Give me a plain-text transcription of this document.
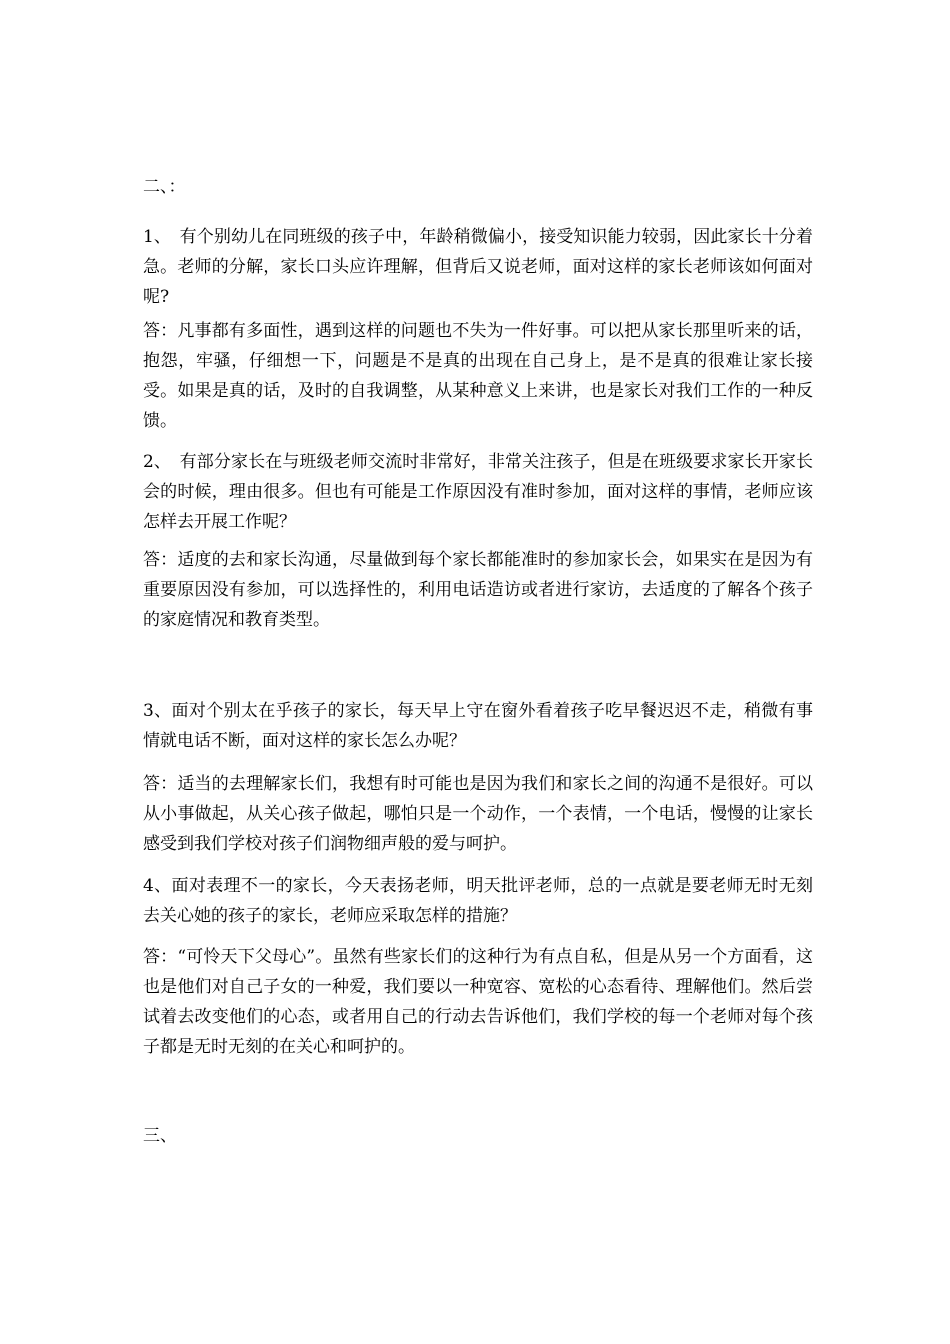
二、：

1、　有个别幼儿在同班级的孩子中，年龄稍微偏小，接受知识能力较弱，因此家长十分着急。老师的分解，家长口头应许理解，但背后又说老师，面对这样的家长老师该如何面对呢?

答：凡事都有多面性，遇到这样的问题也不失为一件好事。可以把从家长那里听来的话，抱怨，牢骚，仔细想一下，问题是不是真的出现在自己身上，是不是真的很难让家长接受。如果是真的话，及时的自我调整，从某种意义上来讲，也是家长对我们工作的一种反馈。

2、　有部分家长在与班级老师交流时非常好，非常关注孩子，但是在班级要求家长开家长会的时候，理由很多。但也有可能是工作原因没有准时参加，面对这样的事情，老师应该怎样去开展工作呢？

答：适度的去和家长沟通，尽量做到每个家长都能准时的参加家长会，如果实在是因为有重要原因没有参加，可以选择性的，利用电话造访或者进行家访，去适度的了解各个孩子的家庭情况和教育类型。

3、面对个别太在乎孩子的家长，每天早上守在窗外看着孩子吃早餐迟迟不走，稍微有事情就电话不断，面对这样的家长怎么办呢？

答：适当的去理解家长们，我想有时可能也是因为我们和家长之间的沟通不是很好。可以从小事做起，从关心孩子做起，哪怕只是一个动作，一个表情，一个电话，慢慢的让家长感受到我们学校对孩子们润物细声般的爱与呵护。

4、面对表理不一的家长，今天表扬老师，明天批评老师，总的一点就是要老师无时无刻去关心她的孩子的家长，老师应采取怎样的措施？

答：“可怜天下父母心”。虽然有些家长们的这种行为有点自私，但是从另一个方面看，这也是他们对自己子女的一种爱，我们要以一种宽容、宽松的心态看待、理解他们。然后尝试着去改变他们的心态，或者用自己的行动去告诉他们，我们学校的每一个老师对每个孩子都是无时无刻的在关心和呵护的。

三、
